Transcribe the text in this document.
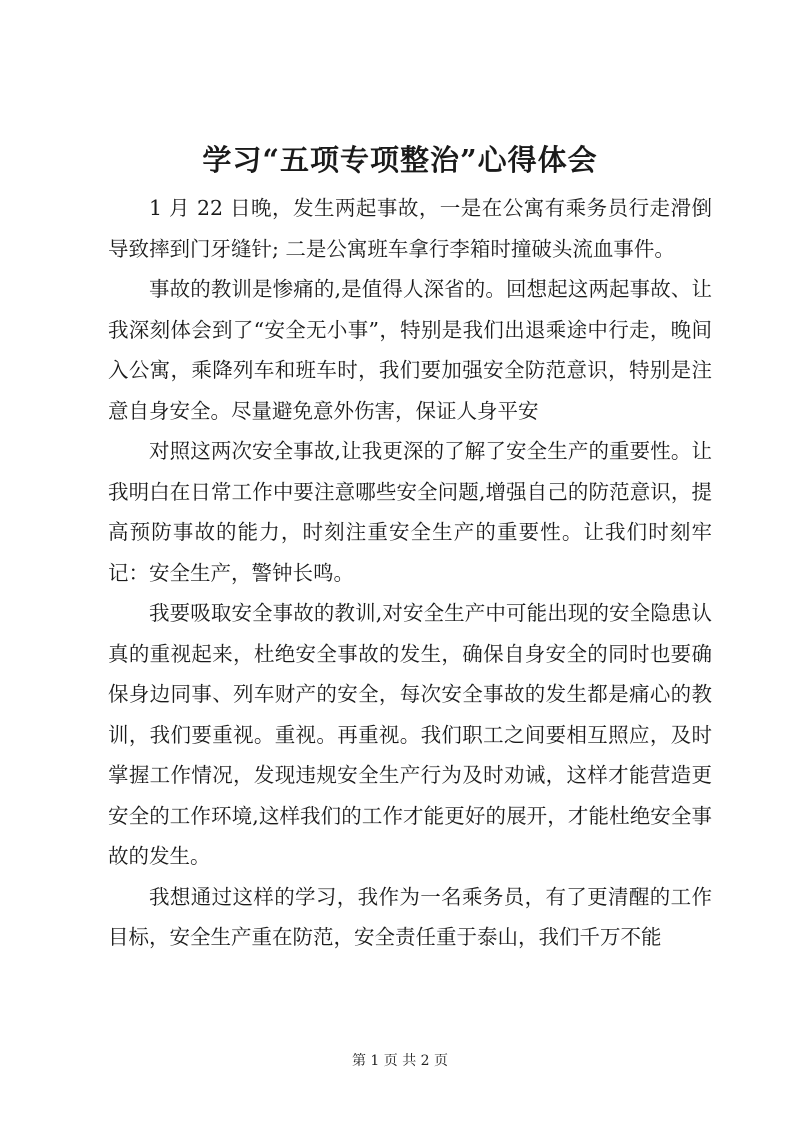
学习“五项专项整治”心得体会

1 月 22 日晚，发生两起事故，一是在公寓有乘务员行走滑倒导致摔到门牙缝针; 二是公寓班车拿行李箱时撞破头流血事件。

事故的教训是惨痛的,是值得人深省的。回想起这两起事故、让我深刻体会到了“安全无小事”，特别是我们出退乘途中行走，晚间入公寓，乘降列车和班车时，我们要加强安全防范意识，特别是注意自身安全。尽量避免意外伤害，保证人身平安

对照这两次安全事故,让我更深的了解了安全生产的重要性。让我明白在日常工作中要注意哪些安全问题,增强自己的防范意识，提高预防事故的能力，时刻注重安全生产的重要性。让我们时刻牢记：安全生产，警钟长鸣。

我要吸取安全事故的教训,对安全生产中可能出现的安全隐患认真的重视起来，杜绝安全事故的发生，确保自身安全的同时也要确保身边同事、列车财产的安全，每次安全事故的发生都是痛心的教训，我们要重视。重视。再重视。我们职工之间要相互照应，及时掌握工作情况，发现违规安全生产行为及时劝诫，这样才能营造更安全的工作环境,这样我们的工作才能更好的展开，才能杜绝安全事故的发生。

我想通过这样的学习，我作为一名乘务员，有了更清醒的工作目标，安全生产重在防范，安全责任重于泰山，我们千万不能

第 1 页 共 2 页
